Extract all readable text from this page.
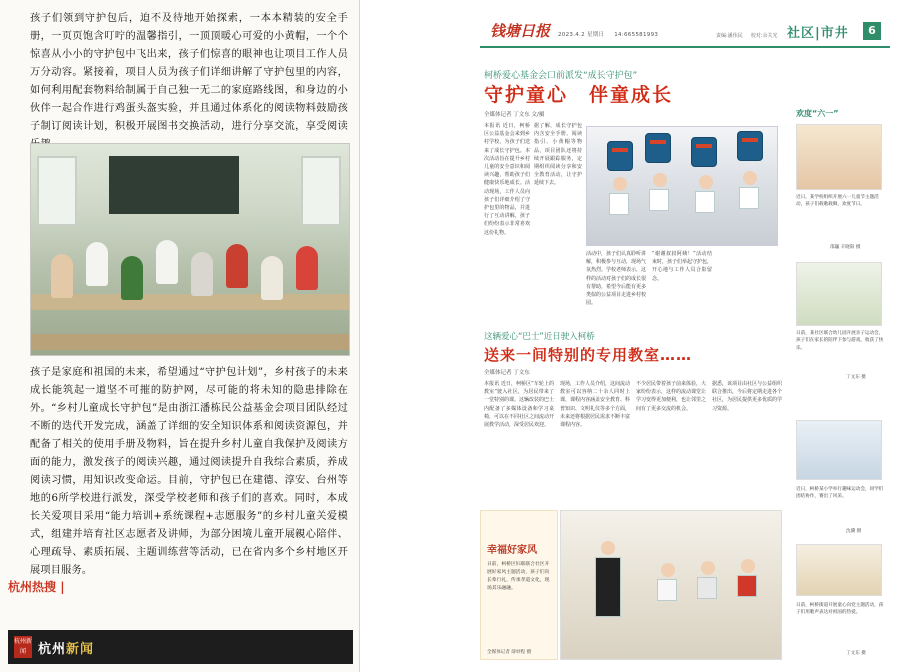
孩子们领到守护包后，迫不及待地开始探索，一本本精装的安全手册，一页页饱含叮咛的温馨指引，一顶顶暖心可爱的小黄帽，一个个惊喜从小小的守护包中飞出来，孩子们惊喜的眼神也让项目工作人员万分动容。紧接着，项目人员为孩子们详细讲解了守护包里的内容，如何利用配套物料给制属于自己独一无二的家庭路线图，和身边的小伙伴一起合作进行鸡蛋头盔实验，并且通过体系化的阅读物料鼓励孩子制订阅读计划，积极开展图书交换活动，进行分享交流，享受阅读

孩子是家庭和祖国的未来，希望通过“守护包计划”，乡村孩子的未来成长能筑起一道坚不可摧的防护网，尽可能的将未知的隐患排除在外。“乡村儿童成长守护包”是由浙江潘栋民公益基金会项目团队经过不断的迭代开发完成，涵盖了详细的安全知识体系和阅读资源包，并配备了相关的使用手册及物料，旨在提升乡村儿童自我保护及阅读方面的能力，激发孩子的阅读兴趣，通过阅读提升自我综合素质，养成阅读习惯，用知识改变命运。目前，守护包已在建德、淳安、台州等地的6所学校进行派发，深受学校老师和孩子们的喜欢。同时，本成长关爱项目采用“能力培训+系统课程+志愿服务”的乡村儿童关爱模式，组建并培育社区志愿者及讲师，为部分困境儿童开展親心陪伴、心理疏导、素质拓展、主题训练营等活动，已在省内多个乡村地区开展项目服务。

杭州热搜 |
杭州新闻 杭州新闻
钱塘日报 2023.4.2 星期日 　 14:665581993	责编:潘伟民 　 校对:余关光 社区|市井	6
柯桥爱心基金会口前派发“成长守护包”
守护童心　伴童成长
全媒体记者 丁文东 文/摄
本报讯 近日，柯桥区公益基金会来到乡村学校，为孩子们送来了成长守护包。本次活动旨在提升乡村儿童的安全意识和阅读兴趣，帮助孩子们健康快乐地成长。活动现场，工作人员向孩子们详细介绍了守护包里的物品，并进行了互动讲解，孩子们纷纷表示非常喜欢这份礼物。
据了解，成长守护包内含安全手册、阅读指引、小黄帽等物品，项目团队还将持续开展跟踪服务，定期组织阅读分享和安全教育活动，让守护延续下去。
活动中，孩子们认真聆听讲解，积极参与互动，现场气氛热烈。学校老师表示，这样的活动对孩子们的成长很有帮助，希望今后能有更多类似的公益项目走进乡村校园。
“谢谢叔叔阿姨！”活动结束时，孩子们举起守护包，开心地与工作人员合影留念。
这辆爱心“巴士”近日驶入柯桥
送来一间特别的专用教室……
全媒体记者 丁文东
本报讯 近日，柯桥区“车轮上的教室”驶入社区，为居民带来了一堂特别的课。这辆改装的巴士内配备了多媒体设备和学习桌椅，可以在不同社区之间流动开展教学活动，深受居民欢迎。
现场，工作人员介绍，这间流动教室可以容纳二十余人同时上课，课程内容涵盖安全教育、科普知识、文明礼仪等多个方面，未来还将根据居民需求不断丰富课程内容。
不少居民带着孩子前来体验，大家纷纷表示，这样的流动课堂让学习变得更加便利，也让邻里之间有了更多交流的机会。
据悉，该项目由社区与公益组织联合推出，今后将定期走进各个社区，为居民提供更多优质的学习资源。
幸福好家风
日前，柯桥区妇联联合社区开展好家风主题活动，孩子们向长辈行礼，传承孝道文化，现场其乐融融。
全媒体记者 薛妙程 摄
欢度“六一”
近日，某学校组织开展六一儿童节主题活动，孩子们载歌载舞，欢度节日。
邵巍 辛晓阳 摄
日前，某社区联合幼儿园开展亲子运动会，孩子们在家长的陪伴下参与游戏，收获了快乐。
丁文东 摄
近日，柯桥某小学举行趣味运动会，同学们团结协作，赛出了风采。
沈骥 摄
日前，柯桥街道开展童心向党主题活动，孩子们用歌声表达对祖国的热爱。
丁文东 摄
